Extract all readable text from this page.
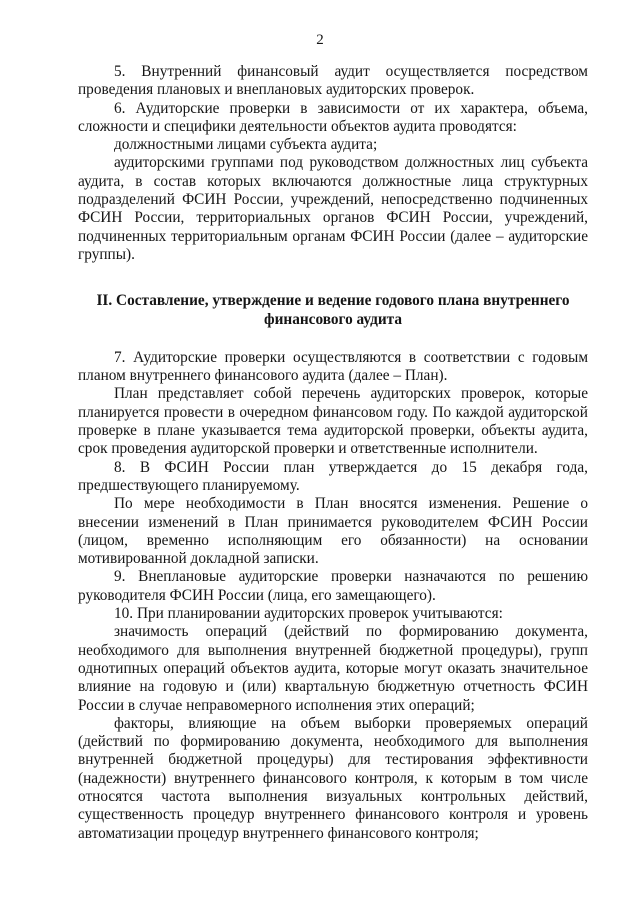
2

5. Внутренний финансовый аудит осуществляется посредством проведения плановых и внеплановых аудиторских проверок.

6. Аудиторские проверки в зависимости от их характера, объема, сложности и специфики деятельности объектов аудита проводятся:

должностными лицами субъекта аудита;

аудиторскими группами под руководством должностных лиц субъекта аудита, в состав которых включаются должностные лица структурных подразделений ФСИН России, учреждений, непосредственно подчиненных ФСИН России, территориальных органов ФСИН России, учреждений, подчиненных территориальным органам ФСИН России (далее – аудиторские группы).

II. Составление, утверждение и ведение годового плана внутреннего финансового аудита

7. Аудиторские проверки осуществляются в соответствии с годовым планом внутреннего финансового аудита (далее – План).

План представляет собой перечень аудиторских проверок, которые планируется провести в очередном финансовом году. По каждой аудиторской проверке в плане указывается тема аудиторской проверки, объекты аудита, срок проведения аудиторской проверки и ответственные исполнители.

8. В ФСИН России план утверждается до 15 декабря года, предшествующего планируемому.

По мере необходимости в План вносятся изменения. Решение о внесении изменений в План принимается руководителем ФСИН России (лицом, временно исполняющим его обязанности) на основании мотивированной докладной записки.

9. Внеплановые аудиторские проверки назначаются по решению руководителя ФСИН России (лица, его замещающего).

10. При планировании аудиторских проверок учитываются:

значимость операций (действий по формированию документа, необходимого для выполнения внутренней бюджетной процедуры), групп однотипных операций объектов аудита, которые могут оказать значительное влияние на годовую и (или) квартальную бюджетную отчетность ФСИН России в случае неправомерного исполнения этих операций;

факторы, влияющие на объем выборки проверяемых операций (действий по формированию документа, необходимого для выполнения внутренней бюджетной процедуры) для тестирования эффективности (надежности) внутреннего финансового контроля, к которым в том числе относятся частота выполнения визуальных контрольных действий, существенность процедур внутреннего финансового контроля и уровень автоматизации процедур внутреннего финансового контроля;
